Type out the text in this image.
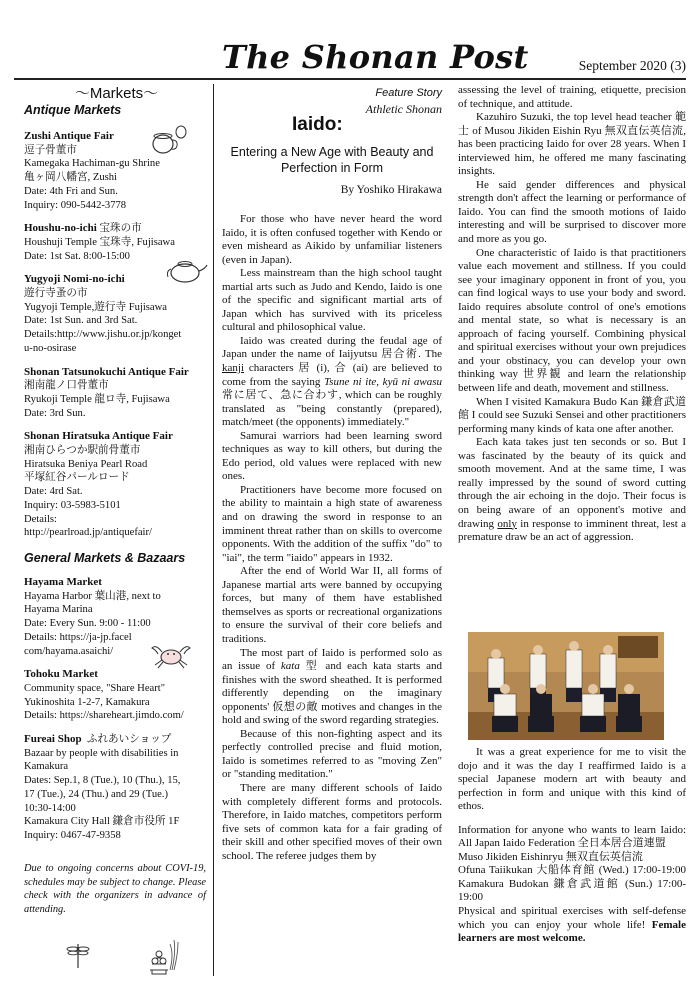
The Shonan Post	September 2020 (3)
～Markets～
Antique Markets
Zushi Antique Fair
逗子骨董市
Kamegaka Hachiman-gu Shrine
亀ヶ岡八幡宮, Zushi
Date: 4th Fri and Sun.
Inquiry: 090-5442-3778
Houshu-no-ichi 宝珠の市
Houshuji Temple 宝珠寺, Fujisawa
Date: 1st Sat. 8:00-15:00
Yugyoji Nomi-no-ichi
遊行寺蚤の市
Yugyoji Temple,遊行寺 Fujisawa
Date: 1st Sun. and 3rd Sat.
Details:http://www.jishu.or.jp/konget
u-no-osirase
Shonan Tatsunokuchi Antique Fair
湘南龍ノ口骨董市
Ryukoji Temple 龍ロ寺, Fujisawa
Date: 3rd Sun.
Shonan Hiratsuka Antique Fair
湘南ひらつか駅前骨董市
Hiratsuka Beniya Pearl Road
平塚紅谷パールロード
Date: 4rd Sat.
Inquiry: 03-5983-5101
Details:
http://pearlroad.jp/antiquefair/
General Markets & Bazaars
Hayama Market
Hayama Harbor 葉山港, next to
Hayama Marina
Date: Every Sun. 9:00 - 11:00
Details: https://ja-jp.facel
com/hayama.asaichi/
Tohoku Market
Community space, "Share Heart"
Yukinoshita 1-2-7, Kamakura
Details: https://shareheart.jimdo.com/
Fureai Shop ふれあいショップ
Bazaar by people with disabilities in
Kamakura
Dates: Sep.1, 8 (Tue.), 10 (Thu.), 15,
17 (Tue.), 24 (Thu.) and 29 (Tue.)
10:30-14:00
Kamakura City Hall 鎌倉市役所 1F
Inquiry: 0467-47-9358
Due to ongoing concerns about COVI-19, schedules may be subject to change. Please check with the organizers in advance of attending.
Feature Story
Athletic Shonan
Iaido:
Entering a New Age with Beauty and Perfection in Form
By Yoshiko Hirakawa

For those who have never heard the word Iaido, it is often confused together with Kendo or even misheard as Aikido by unfamiliar listeners (even in Japan).

Less mainstream than the high school taught martial arts such as Judo and Kendo, Iaido is one of the specific and significant martial arts of Japan which has survived with its priceless cultural and philosophical value.

Iaido was created during the feudal age of Japan under the name of Iaijyutsu 居合術. The kanji characters 居 (i), 合 (ai) are believed to come from the saying Tsune ni ite, kyū ni awasu 常に居て、急に合わす, which can be roughly translated as "being constantly (prepared), match/meet (the opponents) immediately."

Samurai warriors had been learning sword techniques as way to kill others, but during the Edo period, old values were replaced with new ones.

Practitioners have become more focused on the ability to maintain a high state of awareness and on drawing the sword in response to an imminent threat rather than on skills to overcome opponents. With the addition of the suffix "do" to "iai", the term "iaido" appears in 1932.

After the end of World War II, all forms of Japanese martial arts were banned by occupying forces, but many of them have established themselves as sports or recreational organizations to ensure the survival of their core beliefs and traditions.

The most part of Iaido is performed solo as an issue of kata 型 and each kata starts and finishes with the sword sheathed. It is performed differently depending on the imaginary opponents' 仮想の敵 motives and changes in the hold and swing of the sword regarding strategies.

Because of this non-fighting aspect and its perfectly controlled precise and fluid motion, Iaido is sometimes referred to as "moving Zen" or "standing meditation."

There are many different schools of Iaido with completely different forms and protocols. Therefore, in Iaido matches, competitors perform five sets of common kata for a fair grading of their skill and other specified moves of their own school. The referee judges them by

assessing the level of training, etiquette, precision of technique, and attitude.

Kazuhiro Suzuki, the top level head teacher 範士 of Musou Jikiden Eishin Ryu 無双直伝英信流, has been practicing Iaido for over 28 years. When I interviewed him, he offered me many fascinating insights.

He said gender differences and physical strength don't affect the learning or performance of Iaido. You can find the smooth motions of Iaido interesting and will be surprised to discover more and more as you go.

One characteristic of Iaido is that practitioners value each movement and stillness. If you could see your imaginary opponent in front of you, you can find logical ways to use your body and sword. Iaido requires absolute control of one's emotions and mental state, so what is necessary is an approach of facing yourself. Combining physical and spiritual exercises without your own prejudices and your obstinacy, you can develop your own thinking way 世界観 and learn the relationship between life and death, movement and stillness.

When I visited Kamakura Budo Kan 鎌倉武道館 I could see Suzuki Sensei and other practitioners performing many kinds of kata one after another.

Each kata takes just ten seconds or so. But I was fascinated by the beauty of its quick and smooth movement. And at the same time, I was really impressed by the sound of sword cutting through the air echoing in the dojo. Their focus is on being aware of an opponent's motive and drawing only in response to imminent threat, lest a premature draw be an act of aggression.

It was a great experience for me to visit the dojo and it was the day I reaffirmed Iaido is a special Japanese modern art with beauty and perfection in form and unique with this kind of ethos.

Information for anyone who wants to learn Iaido: All Japan Iaido Federation 全日本居合道連盟

Muso Jikiden Eishinryu 無双直伝英信流

Ofuna Taiikukan 大船体育館 (Wed.) 17:00-19:00 Kamakura Budokan 鎌倉武道館 (Sun.) 17:00-19:00

Physical and spiritual exercises with self-defense which you can enjoy your whole life! Female learners are most welcome.
